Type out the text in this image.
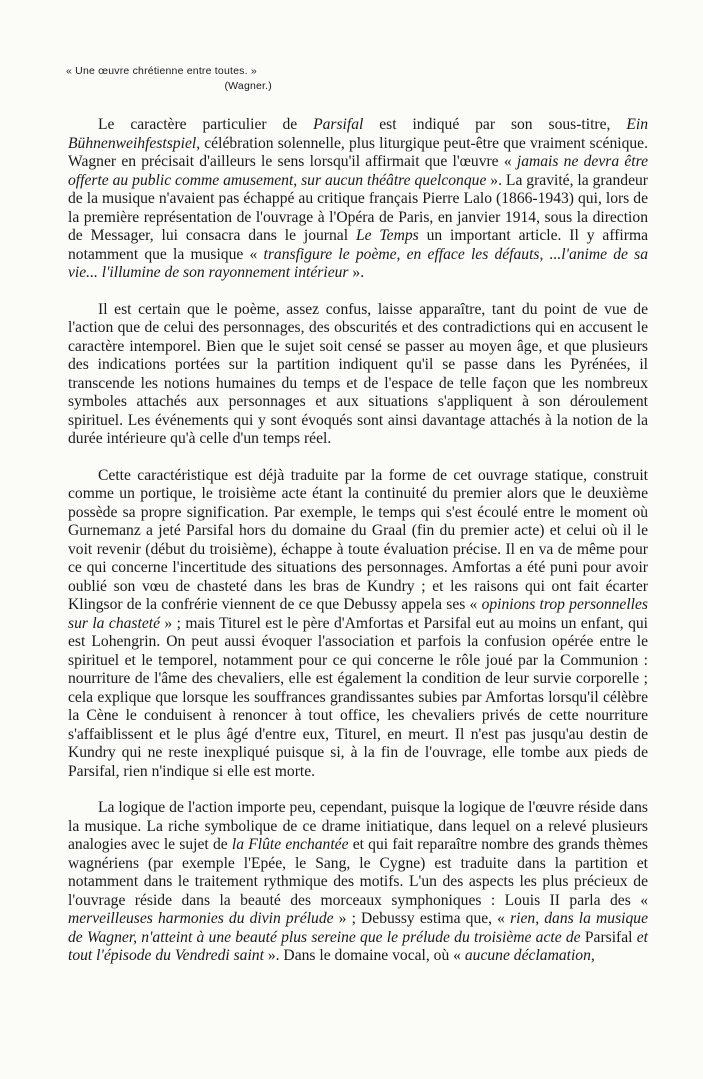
« Une œuvre chrétienne entre toutes. »
(Wagner.)

Le caractère particulier de Parsifal est indiqué par son sous-titre, Ein Bühnenweihfestspiel, célébration solennelle, plus liturgique peut-être que vraiment scénique. Wagner en précisait d'ailleurs le sens lorsqu'il affirmait que l'œuvre « jamais ne devra être offerte au public comme amusement, sur aucun théâtre quelconque ». La gravité, la grandeur de la musique n'avaient pas échappé au critique français Pierre Lalo (1866-1943) qui, lors de la première représentation de l'ouvrage à l'Opéra de Paris, en janvier 1914, sous la direction de Messager, lui consacra dans le journal Le Temps un important article. Il y affirma notamment que la musique « transfigure le poème, en efface les défauts, ...l'anime de sa vie... l'illumine de son rayonnement intérieur ».

Il est certain que le poème, assez confus, laisse apparaître, tant du point de vue de l'action que de celui des personnages, des obscurités et des contradictions qui en accusent le caractère intemporel. Bien que le sujet soit censé se passer au moyen âge, et que plusieurs des indications portées sur la partition indiquent qu'il se passe dans les Pyrénées, il transcende les notions humaines du temps et de l'espace de telle façon que les nombreux symboles attachés aux personnages et aux situations s'appliquent à son déroulement spirituel. Les événements qui y sont évoqués sont ainsi davantage attachés à la notion de la durée intérieure qu'à celle d'un temps réel.

Cette caractéristique est déjà traduite par la forme de cet ouvrage statique, construit comme un portique, le troisième acte étant la continuité du premier alors que le deuxième possède sa propre signification. Par exemple, le temps qui s'est écoulé entre le moment où Gurnemanz a jeté Parsifal hors du domaine du Graal (fin du premier acte) et celui où il le voit revenir (début du troisième), échappe à toute évaluation précise. Il en va de même pour ce qui concerne l'incertitude des situations des personnages. Amfortas a été puni pour avoir oublié son vœu de chasteté dans les bras de Kundry ; et les raisons qui ont fait écarter Klingsor de la confrérie viennent de ce que Debussy appela ses « opinions trop personnelles sur la chasteté » ; mais Titurel est le père d'Amfortas et Parsifal eut au moins un enfant, qui est Lohengrin. On peut aussi évoquer l'association et parfois la confusion opérée entre le spirituel et le temporel, notamment pour ce qui concerne le rôle joué par la Communion : nourriture de l'âme des chevaliers, elle est également la condition de leur survie corporelle ; cela explique que lorsque les souffrances grandissantes subies par Amfortas lorsqu'il célèbre la Cène le conduisent à renoncer à tout office, les chevaliers privés de cette nourriture s'affaiblissent et le plus âgé d'entre eux, Titurel, en meurt. Il n'est pas jusqu'au destin de Kundry qui ne reste inexpliqué puisque si, à la fin de l'ouvrage, elle tombe aux pieds de Parsifal, rien n'indique si elle est morte.

La logique de l'action importe peu, cependant, puisque la logique de l'œuvre réside dans la musique. La riche symbolique de ce drame initiatique, dans lequel on a relevé plusieurs analogies avec le sujet de la Flûte enchantée et qui fait reparaître nombre des grands thèmes wagnériens (par exemple l'Epée, le Sang, le Cygne) est traduite dans la partition et notamment dans le traitement rythmique des motifs. L'un des aspects les plus précieux de l'ouvrage réside dans la beauté des morceaux symphoniques : Louis II parla des « merveilleuses harmonies du divin prélude » ; Debussy estima que, « rien, dans la musique de Wagner, n'atteint à une beauté plus sereine que le prélude du troisième acte de Parsifal et tout l'épisode du Vendredi saint ». Dans le domaine vocal, où « aucune déclamation,
